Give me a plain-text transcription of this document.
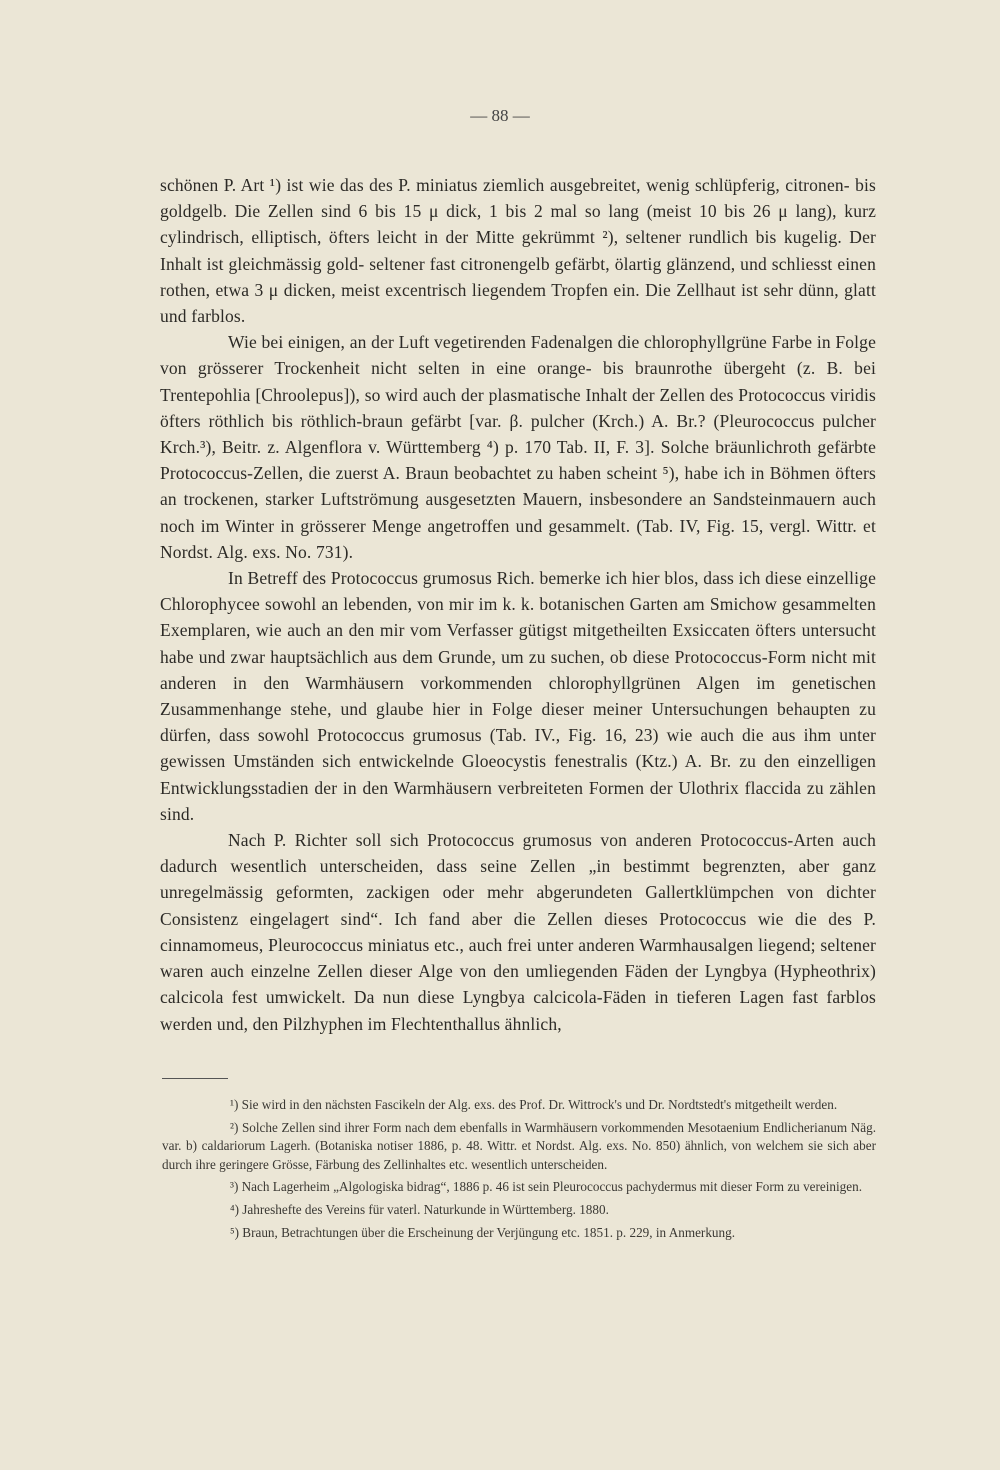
— 88 —

schönen P. Art ¹) ist wie das des P. miniatus ziemlich ausgebreitet, wenig schlüpferig, citronen- bis goldgelb. Die Zellen sind 6 bis 15 μ dick, 1 bis 2 mal so lang (meist 10 bis 26 μ lang), kurz cylindrisch, elliptisch, öfters leicht in der Mitte gekrümmt ²), seltener rundlich bis kugelig. Der Inhalt ist gleichmässig gold- seltener fast citronengelb gefärbt, ölartig glänzend, und schliesst einen rothen, etwa 3 μ dicken, meist excentrisch liegendem Tropfen ein. Die Zellhaut ist sehr dünn, glatt und farblos.

Wie bei einigen, an der Luft vegetirenden Fadenalgen die chlorophyllgrüne Farbe in Folge von grösserer Trockenheit nicht selten in eine orange- bis braunrothe übergeht (z. B. bei Trentepohlia [Chroolepus]), so wird auch der plasmatische Inhalt der Zellen des Protococcus viridis öfters röthlich bis röthlich-braun gefärbt [var. β. pulcher (Krch.) A. Br.? (Pleurococcus pulcher Krch.³), Beitr. z. Algenflora v. Württemberg ⁴) p. 170 Tab. II, F. 3]. Solche bräunlichroth gefärbte Protococcus-Zellen, die zuerst A. Braun beobachtet zu haben scheint ⁵), habe ich in Böhmen öfters an trockenen, starker Luftströmung ausgesetzten Mauern, insbesondere an Sandsteinmauern auch noch im Winter in grösserer Menge angetroffen und gesammelt. (Tab. IV, Fig. 15, vergl. Wittr. et Nordst. Alg. exs. No. 731).

In Betreff des Protococcus grumosus Rich. bemerke ich hier blos, dass ich diese einzellige Chlorophycee sowohl an lebenden, von mir im k. k. botanischen Garten am Smichow gesammelten Exemplaren, wie auch an den mir vom Verfasser gütigst mitgetheilten Exsiccaten öfters untersucht habe und zwar hauptsächlich aus dem Grunde, um zu suchen, ob diese Protococcus-Form nicht mit anderen in den Warmhäusern vorkommenden chlorophyllgrünen Algen im genetischen Zusammenhange stehe, und glaube hier in Folge dieser meiner Untersuchungen behaupten zu dürfen, dass sowohl Protococcus grumosus (Tab. IV., Fig. 16, 23) wie auch die aus ihm unter gewissen Umständen sich entwickelnde Gloeocystis fenestralis (Ktz.) A. Br. zu den einzelligen Entwicklungsstadien der in den Warmhäusern verbreiteten Formen der Ulothrix flaccida zu zählen sind.

Nach P. Richter soll sich Protococcus grumosus von anderen Protococcus-Arten auch dadurch wesentlich unterscheiden, dass seine Zellen „in bestimmt begrenzten, aber ganz unregelmässig geformten, zackigen oder mehr abgerundeten Gallertklümpchen von dichter Consistenz eingelagert sind“. Ich fand aber die Zellen dieses Protococcus wie die des P. cinnamomeus, Pleurococcus miniatus etc., auch frei unter anderen Warmhausalgen liegend; seltener waren auch einzelne Zellen dieser Alge von den umliegenden Fäden der Lyngbya (Hypheothrix) calcicola fest umwickelt. Da nun diese Lyngbya calcicola-Fäden in tieferen Lagen fast farblos werden und, den Pilzhyphen im Flechtenthallus ähnlich,

¹) Sie wird in den nächsten Fascikeln der Alg. exs. des Prof. Dr. Wittrock's und Dr. Nordtstedt's mitgetheilt werden.

²) Solche Zellen sind ihrer Form nach dem ebenfalls in Warmhäusern vorkommenden Mesotaenium Endlicherianum Näg. var. b) caldariorum Lagerh. (Botaniska notiser 1886, p. 48. Wittr. et Nordst. Alg. exs. No. 850) ähnlich, von welchem sie sich aber durch ihre geringere Grösse, Färbung des Zellinhaltes etc. wesentlich unterscheiden.

³) Nach Lagerheim „Algologiska bidrag“, 1886 p. 46 ist sein Pleurococcus pachydermus mit dieser Form zu vereinigen.

⁴) Jahreshefte des Vereins für vaterl. Naturkunde in Württemberg. 1880.

⁵) Braun, Betrachtungen über die Erscheinung der Verjüngung etc. 1851. p. 229, in Anmerkung.
